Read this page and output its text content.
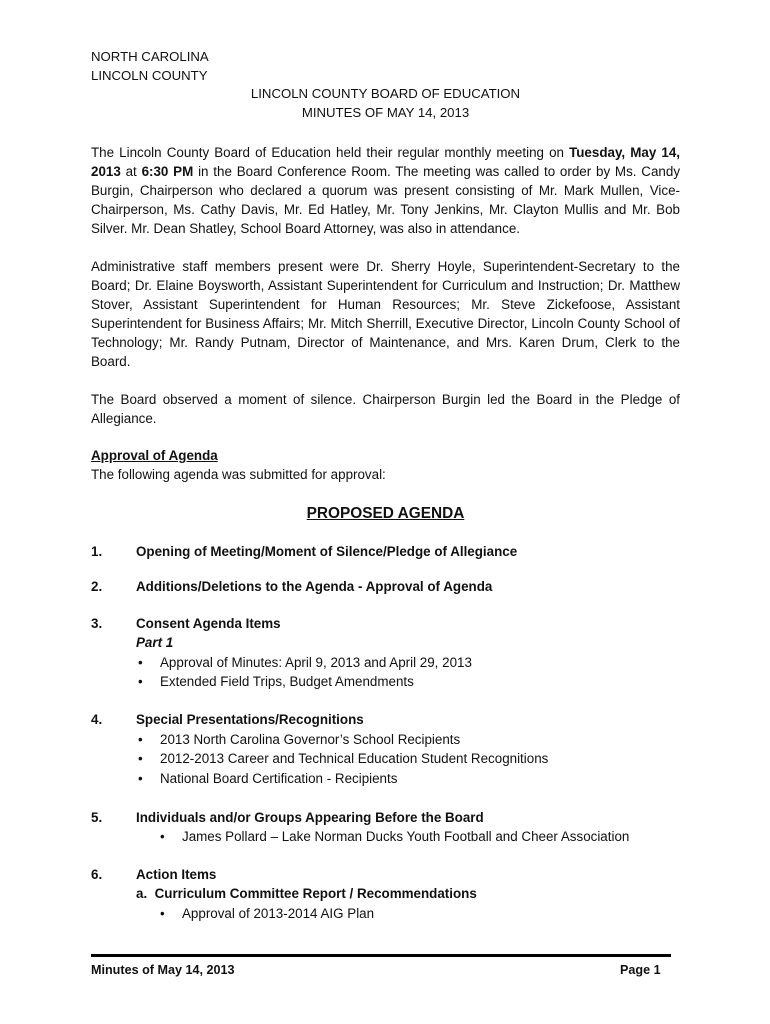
NORTH CAROLINA
LINCOLN COUNTY
LINCOLN COUNTY BOARD OF EDUCATION
MINUTES OF MAY 14, 2013
The Lincoln County Board of Education held their regular monthly meeting on Tuesday, May 14, 2013 at 6:30 PM in the Board Conference Room. The meeting was called to order by Ms. Candy Burgin, Chairperson who declared a quorum was present consisting of Mr. Mark Mullen, Vice-Chairperson, Ms. Cathy Davis, Mr. Ed Hatley, Mr. Tony Jenkins, Mr. Clayton Mullis and Mr. Bob Silver. Mr. Dean Shatley, School Board Attorney, was also in attendance.
Administrative staff members present were Dr. Sherry Hoyle, Superintendent-Secretary to the Board; Dr. Elaine Boysworth, Assistant Superintendent for Curriculum and Instruction; Dr. Matthew Stover, Assistant Superintendent for Human Resources; Mr. Steve Zickefoose, Assistant Superintendent for Business Affairs; Mr. Mitch Sherrill, Executive Director, Lincoln County School of Technology; Mr. Randy Putnam, Director of Maintenance, and Mrs. Karen Drum, Clerk to the Board.
The Board observed a moment of silence. Chairperson Burgin led the Board in the Pledge of Allegiance.
Approval of Agenda
The following agenda was submitted for approval:
PROPOSED AGENDA
1.	Opening of Meeting/Moment of Silence/Pledge of Allegiance
2.	Additions/Deletions to the Agenda - Approval of Agenda
3.	Consent Agenda Items
Part 1
• Approval of Minutes: April 9, 2013 and April 29, 2013
• Extended Field Trips, Budget Amendments
4.	Special Presentations/Recognitions
• 2013 North Carolina Governor’s School Recipients
• 2012-2013 Career and Technical Education Student Recognitions
• National Board Certification - Recipients
5.	Individuals and/or Groups Appearing Before the Board
• James Pollard – Lake Norman Ducks Youth Football and Cheer Association
6.	Action Items
a.  Curriculum Committee Report / Recommendations
• Approval of 2013-2014 AIG Plan
Minutes of May 14, 2013	Page 1
